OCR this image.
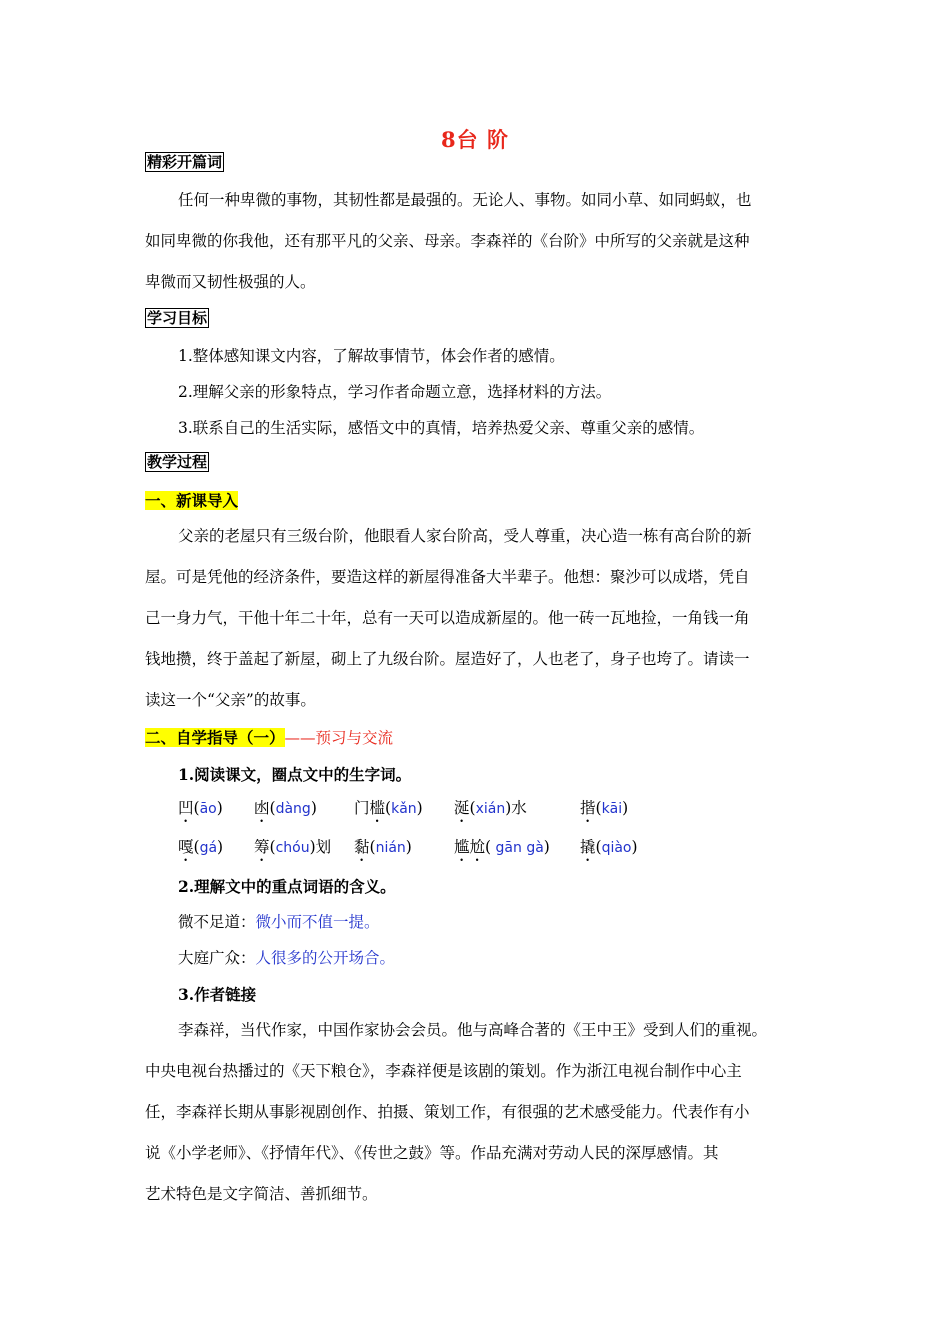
8台 阶
精彩开篇词
任何一种卑微的事物，其韧性都是最强的。无论人、事物。如同小草、如同蚂蚁，也
如同卑微的你我他，还有那平凡的父亲、母亲。李森祥的《台阶》中所写的父亲就是这种
卑微而又韧性极强的人。
学习目标
1.整体感知课文内容，了解故事情节，体会作者的感情。
2.理解父亲的形象特点，学习作者命题立意，选择材料的方法。
3.联系自己的生活实际，感悟文中的真情，培养热爱父亲、尊重父亲的感情。
教学过程
一、新课导入
父亲的老屋只有三级台阶，他眼看人家台阶高，受人尊重，决心造一栋有高台阶的新
屋。可是凭他的经济条件，要造这样的新屋得准备大半辈子。他想：聚沙可以成塔，凭自
己一身力气，干他十年二十年，总有一天可以造成新屋的。他一砖一瓦地捡，一角钱一角
钱地攒，终于盖起了新屋，砌上了九级台阶。屋造好了，人也老了，身子也垮了。请读一
读这一个“父亲”的故事。
二、自学指导（一）——预习与交流
1.阅读课文，圈点文中的生字词。
凹(āo) 凼(dàng) 门槛(kǎn) 涎(xián)水	揩(kāi)
嘎(gá) 筹(chóu)划 黏(nián)	尴尬( gān gà) 撬(qiào)
2.理解文中的重点词语的含义。
微不足道：微小而不值一提。
大庭广众：人很多的公开场合。
3.作者链接
李森祥，当代作家，中国作家协会会员。他与高峰合著的《王中王》受到人们的重视。
中央电视台热播过的《天下粮仓》，李森祥便是该剧的策划。作为浙江电视台制作中心主
任，李森祥长期从事影视剧创作、拍摄、策划工作，有很强的艺术感受能力。代表作有小
说《小学老师》、《抒情年代》、《传世之鼓》等。作品充满对劳动人民的深厚感情。其
艺术特色是文字简洁、善抓细节。
